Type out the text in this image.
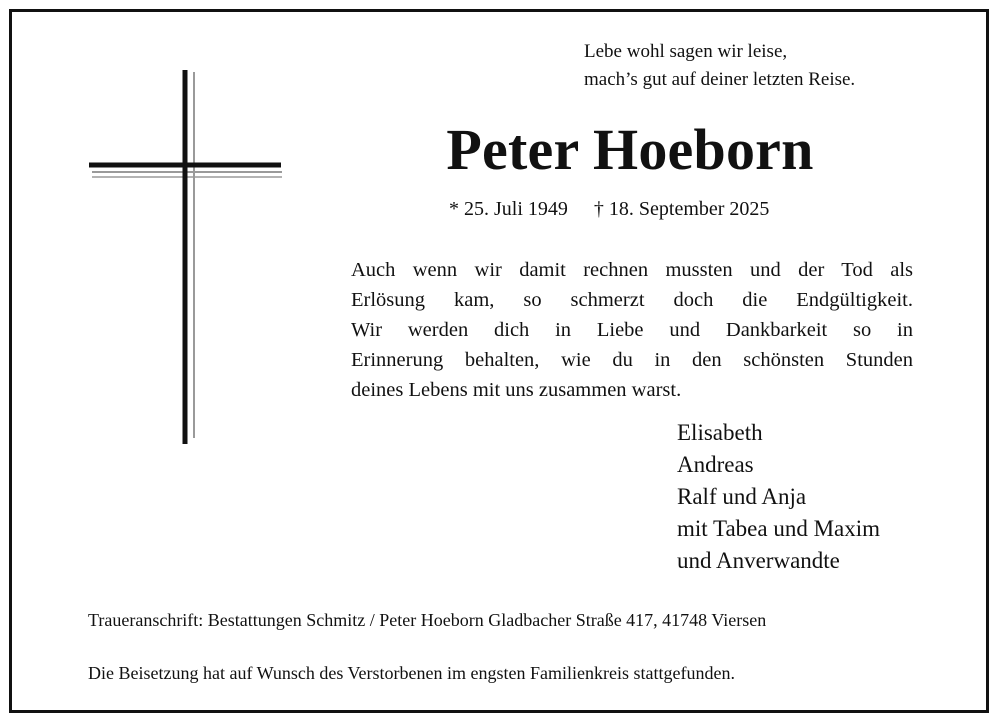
Lebe wohl sagen wir leise,
mach’s gut auf deiner letzten Reise.
Peter Hoeborn
* 25. Juli 1949 † 18. September 2025
Auch wenn wir damit rechnen mussten und der Tod als
Erlösung kam, so schmerzt doch die Endgültigkeit.
Wir werden dich in Liebe und Dankbarkeit so in
Erinnerung behalten, wie du in den schönsten Stunden
deines Lebens mit uns zusammen warst.
Elisabeth
Andreas
Ralf und Anja
mit Tabea und Maxim
und Anverwandte
Traueranschrift: Bestattungen Schmitz / Peter Hoeborn Gladbacher Straße 417, 41748 Viersen
Die Beisetzung hat auf Wunsch des Verstorbenen im engsten Familienkreis stattgefunden.
